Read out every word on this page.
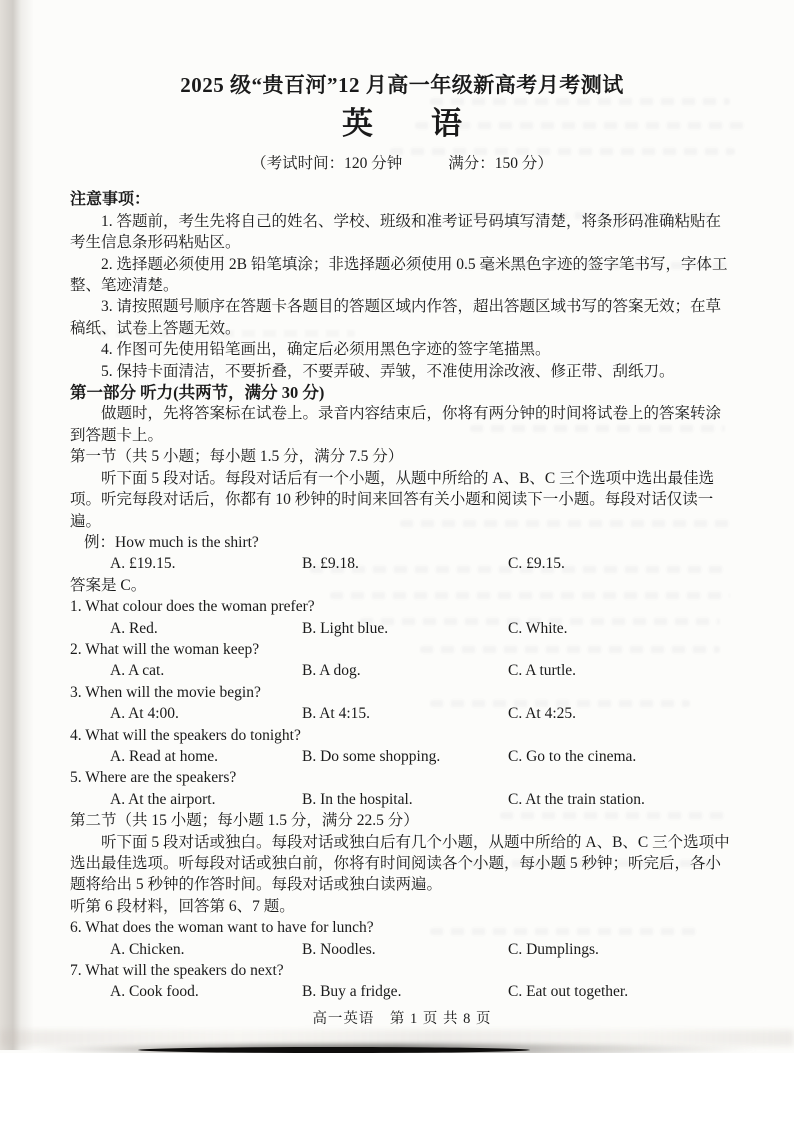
2025 级“贵百河”12 月高一年级新高考月考测试
英 语
（考试时间：120 分钟	满分：150 分）
注意事项：

1. 答题前，考生先将自己的姓名、学校、班级和准考证号码填写清楚，将条形码准确粘贴在考生信息条形码粘贴区。

2. 选择题必须使用 2B 铅笔填涂；非选择题必须使用 0.5 毫米黑色字迹的签字笔书写，字体工整、笔迹清楚。

3. 请按照题号顺序在答题卡各题目的答题区域内作答，超出答题区域书写的答案无效；在草稿纸、试卷上答题无效。

4. 作图可先使用铅笔画出，确定后必须用黑色字迹的签字笔描黑。

5. 保持卡面清洁，不要折叠，不要弄破、弄皱，不准使用涂改液、修正带、刮纸刀。

第一部分 听力(共两节，满分 30 分)

做题时，先将答案标在试卷上。录音内容结束后，你将有两分钟的时间将试卷上的答案转涂到答题卡上。

第一节（共 5 小题；每小题 1.5 分，满分 7.5 分）

听下面 5 段对话。每段对话后有一个小题，从题中所给的 A、B、C 三个选项中选出最佳选项。听完每段对话后，你都有 10 秒钟的时间来回答有关小题和阅读下一小题。每段对话仅读一遍。

例：How much is the shirt?
A. £19.15.	B. £9.18.	C. £9.15.
答案是 C。
1. What colour does the woman prefer?
A. Red.	B. Light blue.	C. White.
2. What will the woman keep?
A. A cat.	B. A dog.	C. A turtle.
3. When will the movie begin?
A. At 4:00.	B. At 4:15.	C. At 4:25.
4. What will the speakers do tonight?
A. Read at home.	B. Do some shopping.	C. Go to the cinema.
5. Where are the speakers?
A. At the airport.	B. In the hospital.	C. At the train station.
第二节（共 15 小题；每小题 1.5 分，满分 22.5 分）

听下面 5 段对话或独白。每段对话或独白后有几个小题，从题中所给的 A、B、C 三个选项中选出最佳选项。听每段对话或独白前，你将有时间阅读各个小题，每小题 5 秒钟；听完后，各小题将给出 5 秒钟的作答时间。每段对话或独白读两遍。

听第 6 段材料，回答第 6、7 题。
6. What does the woman want to have for lunch?
A. Chicken.	B. Noodles.	C. Dumplings.
7. What will the speakers do next?
A. Cook food.	B. Buy a fridge.	C. Eat out together.
高一英语　第 1 页 共 8 页
